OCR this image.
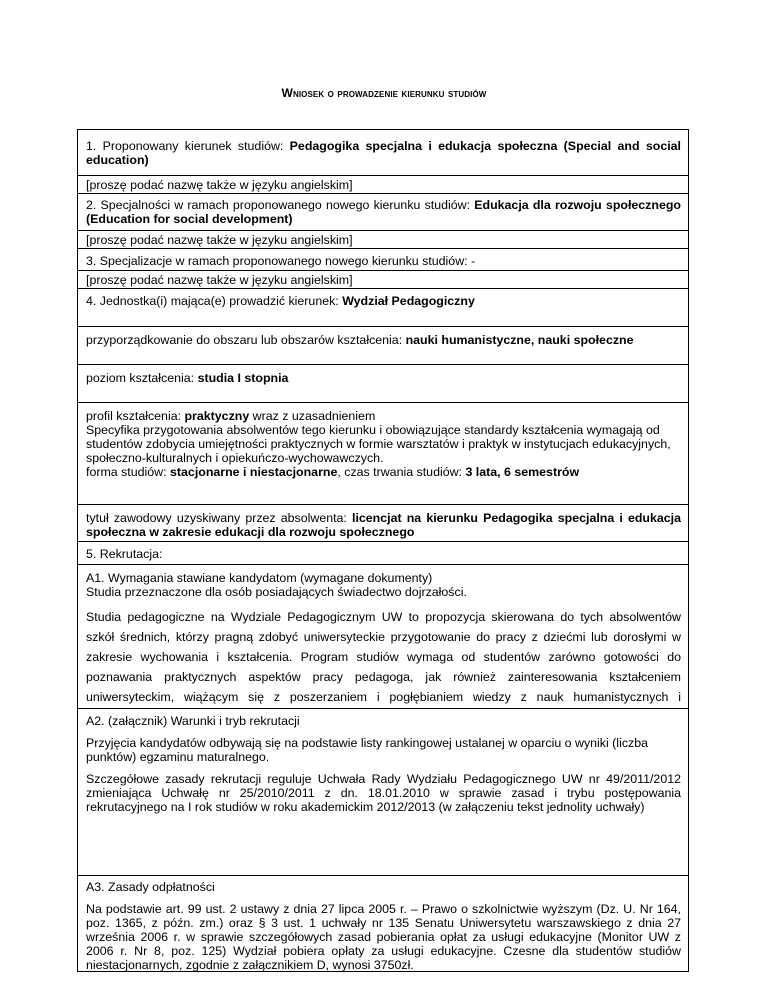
Wniosek o prowadzenie kierunku studiów
1. Proponowany kierunek studiów: Pedagogika specjalna i edukacja społeczna (Special and social education)
[proszę podać nazwę także w języku angielskim]
2. Specjalności w ramach proponowanego nowego kierunku studiów: Edukacja dla rozwoju społecznego (Education for social development)
[proszę podać nazwę także w języku angielskim]
3. Specjalizacje w ramach proponowanego nowego kierunku studiów: -
[proszę podać nazwę także w języku angielskim]
4. Jednostka(i) mająca(e) prowadzić kierunek: Wydział Pedagogiczny
przyporządkowanie do obszaru lub obszarów kształcenia: nauki humanistyczne, nauki społeczne
poziom kształcenia: studia I stopnia

profil kształcenia: praktyczny wraz z uzasadnieniem

Specyfika przygotowania absolwentów tego kierunku i obowiązujące standardy kształcenia wymagają od studentów zdobycia umiejętności praktycznych w formie warsztatów i praktyk w instytucjach edukacyjnych, społeczno-kulturalnych i opiekuńczo-wychowawczych.

forma studiów: stacjonarne i niestacjonarne, czas trwania studiów: 3 lata, 6 semestrów

tytuł zawodowy uzyskiwany przez absolwenta: licencjat na kierunku Pedagogika specjalna i edukacja społeczna w zakresie edukacji dla rozwoju społecznego
5. Rekrutacja:

A1. Wymagania stawiane kandydatom (wymagane dokumenty)

Studia przeznaczone dla osób posiadających świadectwo dojrzałości.

Studia pedagogiczne na Wydziale Pedagogicznym UW to propozycja skierowana do tych absolwentów szkół średnich, którzy pragną zdobyć uniwersyteckie przygotowanie do pracy z dziećmi lub dorosłymi w zakresie wychowania i kształcenia. Program studiów wymaga od studentów zarówno gotowości do poznawania praktycznych aspektów pracy pedagoga, jak również zainteresowania kształceniem uniwersyteckim, wiążącym się z poszerzaniem i pogłębianiem wiedzy z nauk humanistycznych i

A2. (załącznik) Warunki i tryb rekrutacji

Przyjęcia kandydatów odbywają się na podstawie listy rankingowej ustalanej w oparciu o wyniki (liczba punktów) egzaminu maturalnego.

Szczegółowe zasady rekrutacji reguluje Uchwała Rady Wydziału Pedagogicznego UW nr 49/2011/2012 zmieniająca Uchwałę nr 25/2010/2011 z dn. 18.01.2010 w sprawie zasad i trybu postępowania rekrutacyjnego na I rok studiów w roku akademickim 2012/2013 (w załączeniu tekst jednolity uchwały)

A3. Zasady odpłatności

Na podstawie art. 99 ust. 2 ustawy z dnia 27 lipca 2005 r. – Prawo o szkolnictwie wyższym (Dz. U. Nr 164, poz. 1365, z późn. zm.) oraz § 3 ust. 1 uchwały nr 135 Senatu Uniwersytetu warszawskiego z dnia 27 września 2006 r. w sprawie szczegółowych zasad pobierania opłat za usługi edukacyjne (Monitor UW z 2006 r. Nr 8, poz. 125) Wydział pobiera opłaty za usługi edukacyjne. Czesne dla studentów studiów niestacjonarnych, zgodnie z załącznikiem D, wynosi 3750zł.
